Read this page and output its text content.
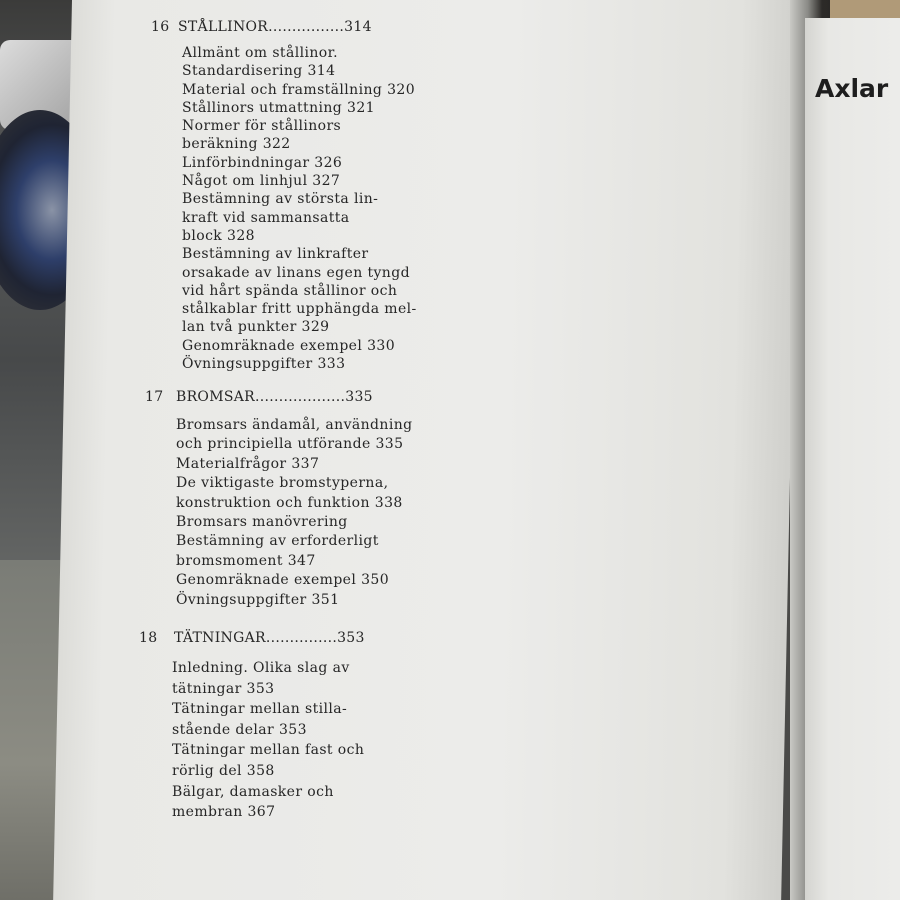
Axlar
16 STÅLLINOR................314
Allmänt om stållinor.
Standardisering 314
Material och framställning 320
Stållinors utmattning 321
Normer för stållinors
beräkning 322
Linförbindningar 326
Något om linhjul 327
Bestämning av största lin-
kraft vid sammansatta
block 328
Bestämning av linkrafter
orsakade av linans egen tyngd
vid hårt spända stållinor och
stålkablar fritt upphängda mel-
lan två punkter 329
Genomräknade exempel 330
Övningsuppgifter 333
17 BROMSAR...................335
Bromsars ändamål, användning
och principiella utförande 335
Materialfrågor 337
De viktigaste bromstyperna,
konstruktion och funktion 338
Bromsars manövrering
Bestämning av erforderligt
bromsmoment 347
Genomräknade exempel 350
Övningsuppgifter 351
18 TÄTNINGAR...............353
Inledning. Olika slag av
tätningar 353
Tätningar mellan stilla-
stående delar 353
Tätningar mellan fast och
rörlig del 358
Bälgar, damasker och
membran 367
